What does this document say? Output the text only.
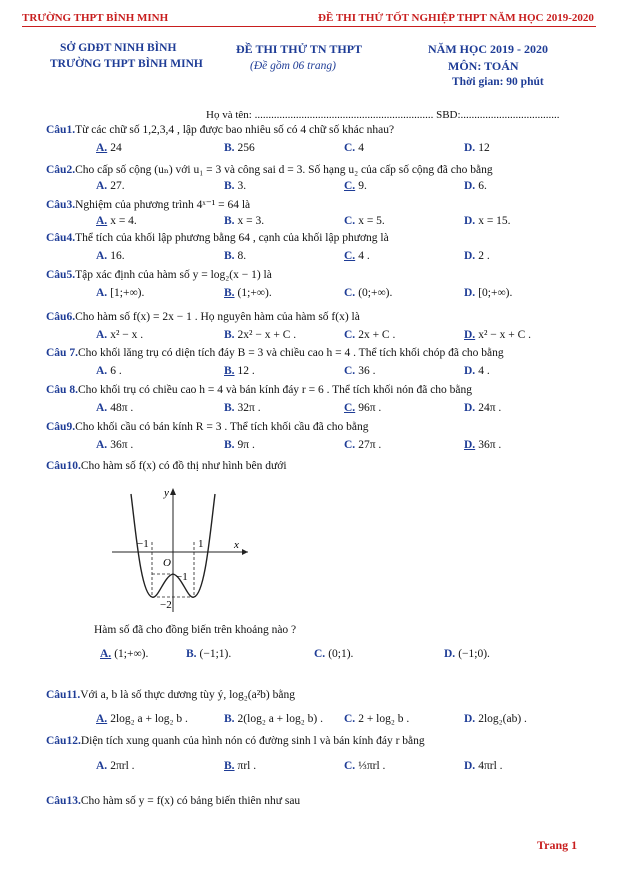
TRƯỜNG THPT BÌNH MINH	ĐỀ THI THỬ TỐT NGHIỆP THPT NĂM HỌC 2019-2020
SỞ GDĐT NINH BÌNH
TRƯỜNG THPT BÌNH MINH
ĐỀ THI THỬ TN THPT
(Đề gồm 06 trang)
NĂM HỌC 2019 - 2020
MÔN: TOÁN
Thời gian: 90 phút
Họ và tên: ................................................................. SBD:....................................
Câu1.Từ các chữ số 1,2,3,4 , lập được bao nhiêu số có 4 chữ số khác nhau?
A. 24	B. 256	C. 4	D. 12
Câu2.Cho cấp số cộng (uₙ) với u₁ = 3 và công sai d = 3. Số hạng u₂ của cấp số cộng đã cho bằng
A. 27.	B. 3.	C. 9.	D. 6.
Câu3.Nghiệm của phương trình 4ˣ⁻¹ = 64 là
A. x = 4.	B. x = 3.	C. x = 5.	D. x = 15.
Câu4.Thể tích của khối lập phương bằng 64 , cạnh của khối lập phương là
A. 16.	B. 8.	C. 4 .	D. 2 .
Câu5.Tập xác định của hàm số y = log₂(x − 1) là
A. [1;+∞).	B. (1;+∞).	C. (0;+∞).	D. [0;+∞).
Câu6.Cho hàm số f(x) = 2x − 1 . Họ nguyên hàm của hàm số f(x) là
A. x² − x .	B. 2x² − x + C .	C. 2x + C .	D. x² − x + C .
Câu 7.Cho khối lăng trụ có diện tích đáy B = 3 và chiều cao h = 4 . Thể tích khối chóp đã cho bằng
A. 6 .	B. 12 .	C. 36 .	D. 4 .
Câu 8.Cho khối trụ có chiều cao h = 4 và bán kính đáy r = 6 . Thể tích khối nón đã cho bằng
A. 48π .	B. 32π .	C. 96π .	D. 24π .
Câu9.Cho khối cầu có bán kính R = 3 . Thể tích khối cầu đã cho bằng
A. 36π .	B. 9π .	C. 27π .	D. 36π .
Câu10.Cho hàm số f(x) có đồ thị như hình bên dưới
y
x
O
−1	1
−1
−2
Hàm số đã cho đồng biến trên khoảng nào ?
A. (1;+∞).	B. (−1;1).	C. (0;1).	D. (−1;0).
Câu11.Với a, b là số thực dương tùy ý, log₂(a²b) bằng
A. 2log₂ a + log₂ b .	B. 2(log₂ a + log₂ b) . C. 2 + log₂ b .	D. 2log₂(ab) .
Câu12.Diện tích xung quanh của hình nón có đường sinh l và bán kính đáy r bằng
A. 2πrl .	B. πrl .	C. ⅓πrl .	D. 4πrl .
Câu13.Cho hàm số y = f(x) có bảng biến thiên như sau
Trang 1
